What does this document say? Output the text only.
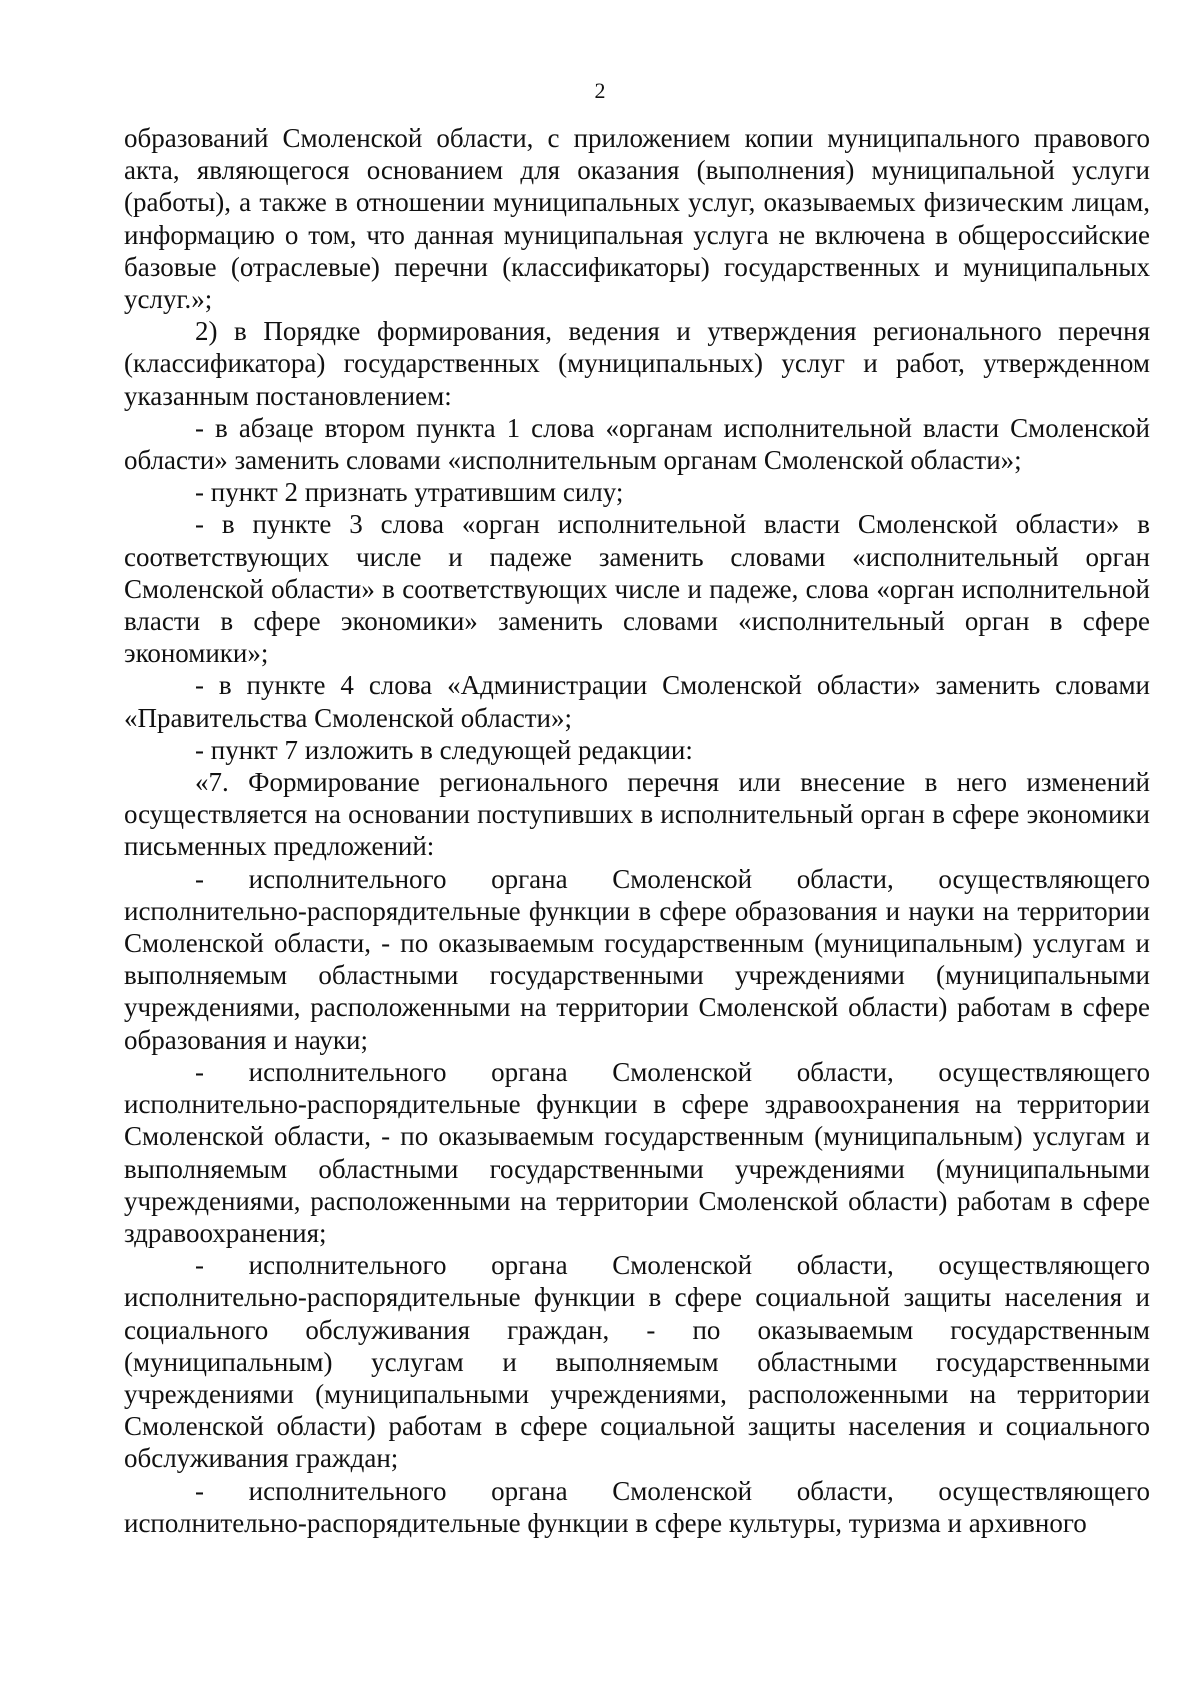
2

образований Смоленской области, с приложением копии муниципального правового акта, являющегося основанием для оказания (выполнения) муниципальной услуги (работы), а также в отношении муниципальных услуг, оказываемых физическим лицам, информацию о том, что данная муниципальная услуга не включена в общероссийские базовые (отраслевые) перечни (классификаторы) государственных и муниципальных услуг.»;

2) в Порядке формирования, ведения и утверждения регионального перечня (классификатора) государственных (муниципальных) услуг и работ, утвержденном указанным постановлением:

- в абзаце втором пункта 1 слова «органам исполнительной власти Смоленской области» заменить словами «исполнительным органам Смоленской области»;

- пункт 2 признать утратившим силу;

- в пункте 3 слова «орган исполнительной власти Смоленской области» в соответствующих числе и падеже заменить словами «исполнительный орган Смоленской области» в соответствующих числе и падеже, слова «орган исполнительной власти в сфере экономики» заменить словами «исполнительный орган в сфере экономики»;

- в пункте 4 слова «Администрации Смоленской области» заменить словами «Правительства Смоленской области»;

- пункт 7 изложить в следующей редакции:

«7. Формирование регионального перечня или внесение в него изменений осуществляется на основании поступивших в исполнительный орган в сфере экономики письменных предложений:

- исполнительного органа Смоленской области, осуществляющего исполнительно-распорядительные функции в сфере образования и науки на территории Смоленской области, - по оказываемым государственным (муниципальным) услугам и выполняемым областными государственными учреждениями (муниципальными учреждениями, расположенными на территории Смоленской области) работам в сфере образования и науки;

- исполнительного органа Смоленской области, осуществляющего исполнительно-распорядительные функции в сфере здравоохранения на территории Смоленской области, - по оказываемым государственным (муниципальным) услугам и выполняемым областными государственными учреждениями (муниципальными учреждениями, расположенными на территории Смоленской области) работам в сфере здравоохранения;

- исполнительного органа Смоленской области, осуществляющего исполнительно-распорядительные функции в сфере социальной защиты населения и социального обслуживания граждан, - по оказываемым государственным (муниципальным) услугам и выполняемым областными государственными учреждениями (муниципальными учреждениями, расположенными на территории Смоленской области) работам в сфере социальной защиты населения и социального обслуживания граждан;

- исполнительного органа Смоленской области, осуществляющего исполнительно-распорядительные функции в сфере культуры, туризма и архивного
